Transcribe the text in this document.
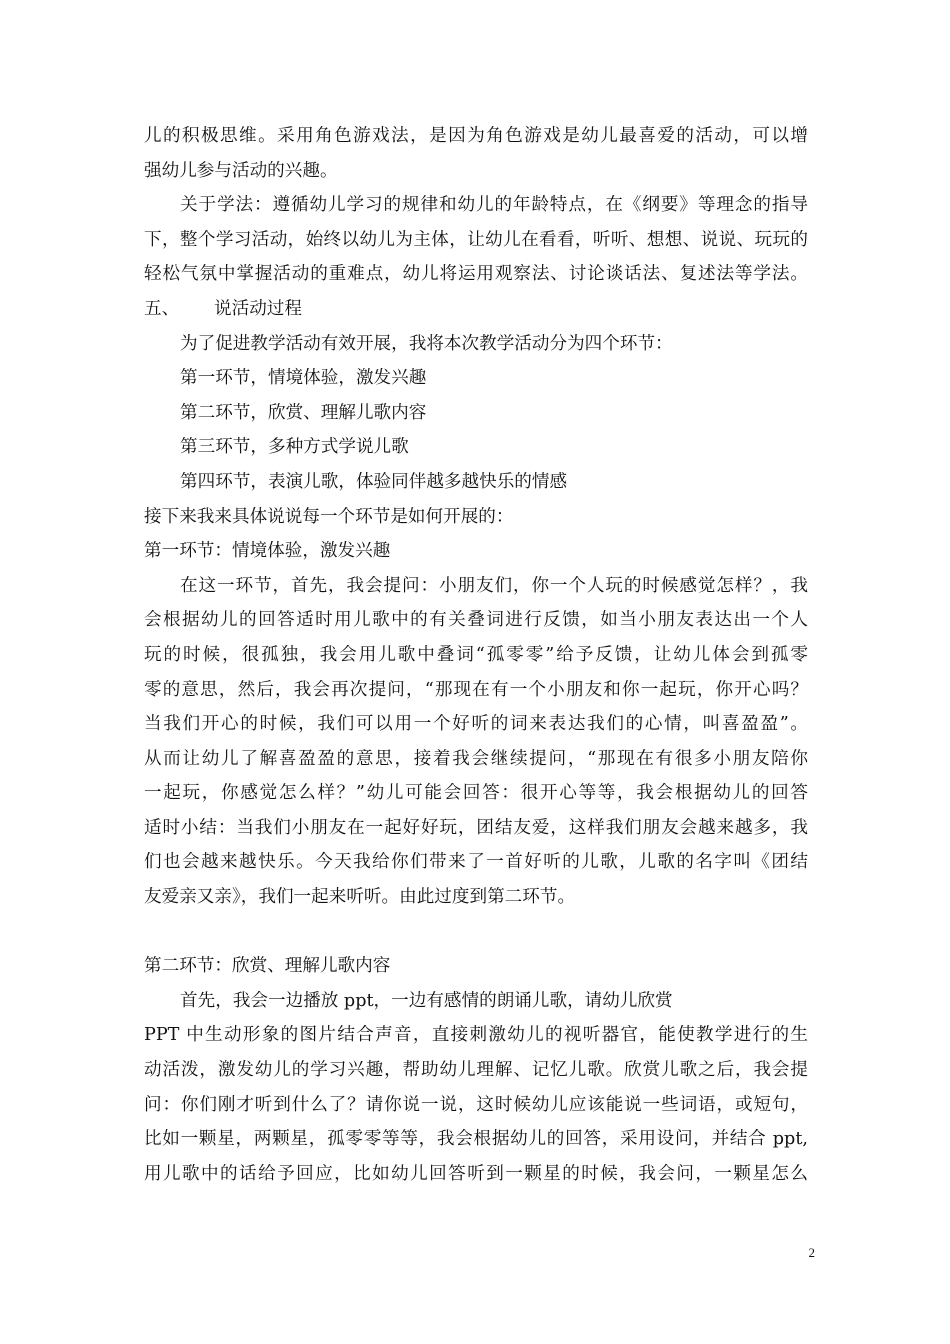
儿的积极思维。采用角色游戏法，是因为角色游戏是幼儿最喜爱的活动，可以增
强幼儿参与活动的兴趣。
关于学法：遵循幼儿学习的规律和幼儿的年龄特点，在《纲要》等理念的指导
下，整个学习活动，始终以幼儿为主体，让幼儿在看看，听听、想想、说说、玩玩的
轻松气氛中掌握活动的重难点，幼儿将运用观察法、讨论谈话法、复述法等学法。
五、 说活动过程
为了促进教学活动有效开展，我将本次教学活动分为四个环节：
第一环节，情境体验，激发兴趣
第二环节，欣赏、理解儿歌内容
第三环节，多种方式学说儿歌
第四环节，表演儿歌，体验同伴越多越快乐的情感
接下来我来具体说说每一个环节是如何开展的：
第一环节：情境体验，激发兴趣
在这一环节，首先，我会提问：小朋友们，你一个人玩的时候感觉怎样？，我
会根据幼儿的回答适时用儿歌中的有关叠词进行反馈，如当小朋友表达出一个人
玩的时候，很孤独，我会用儿歌中叠词“孤零零”给予反馈，让幼儿体会到孤零
零的意思，然后，我会再次提问，“那现在有一个小朋友和你一起玩，你开心吗？
当我们开心的时候，我们可以用一个好听的词来表达我们的心情，叫喜盈盈”。
从而让幼儿了解喜盈盈的意思，接着我会继续提问，“那现在有很多小朋友陪你
一起玩，你感觉怎么样？”幼儿可能会回答：很开心等等，我会根据幼儿的回答
适时小结：当我们小朋友在一起好好玩，团结友爱，这样我们朋友会越来越多，我
们也会越来越快乐。今天我给你们带来了一首好听的儿歌，儿歌的名字叫《团结
友爱亲又亲》，我们一起来听听。由此过度到第二环节。
第二环节：欣赏、理解儿歌内容
首先，我会一边播放 ppt，一边有感情的朗诵儿歌，请幼儿欣赏
PPT 中生动形象的图片结合声音，直接刺激幼儿的视听器官，能使教学进行的生
动活泼，激发幼儿的学习兴趣，帮助幼儿理解、记忆儿歌。欣赏儿歌之后，我会提
问：你们刚才听到什么了？请你说一说，这时候幼儿应该能说一些词语，或短句，
比如一颗星，两颗星，孤零零等等，我会根据幼儿的回答，采用设问，并结合 ppt,
用儿歌中的话给予回应，比如幼儿回答听到一颗星的时候，我会问，一颗星怎么
2
